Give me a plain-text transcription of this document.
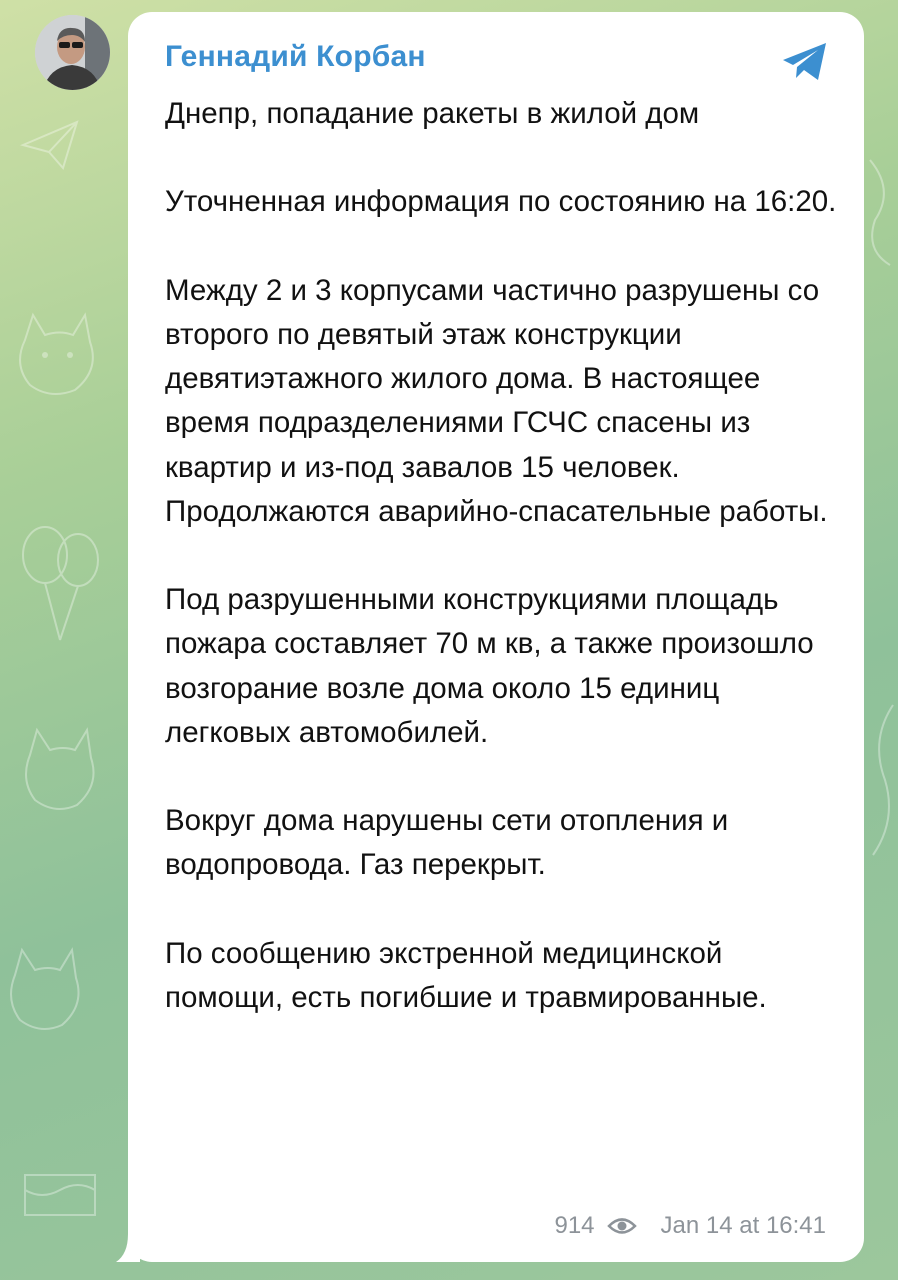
Геннадий Корбан

Днепр, попадание ракеты в жилой дом

Уточненная информация по состоянию на 16:20.

Между 2 и 3 корпусами частично разрушены со второго по девятый этаж конструкции девятиэтажного жилого дома. В настоящее время подразделениями ГСЧС спасены из квартир и из-под завалов 15 человек. Продолжаются аварийно-спасательные работы.

Под разрушенными конструкциями площадь пожара составляет 70 м кв, а также произошло возгорание возле дома около 15 единиц легковых автомобилей.

Вокруг дома нарушены сети отопления и водопровода. Газ перекрыт.

По сообщению экстренной медицинской помощи, есть погибшие и травмированные.

914	Jan 14 at 16:41
